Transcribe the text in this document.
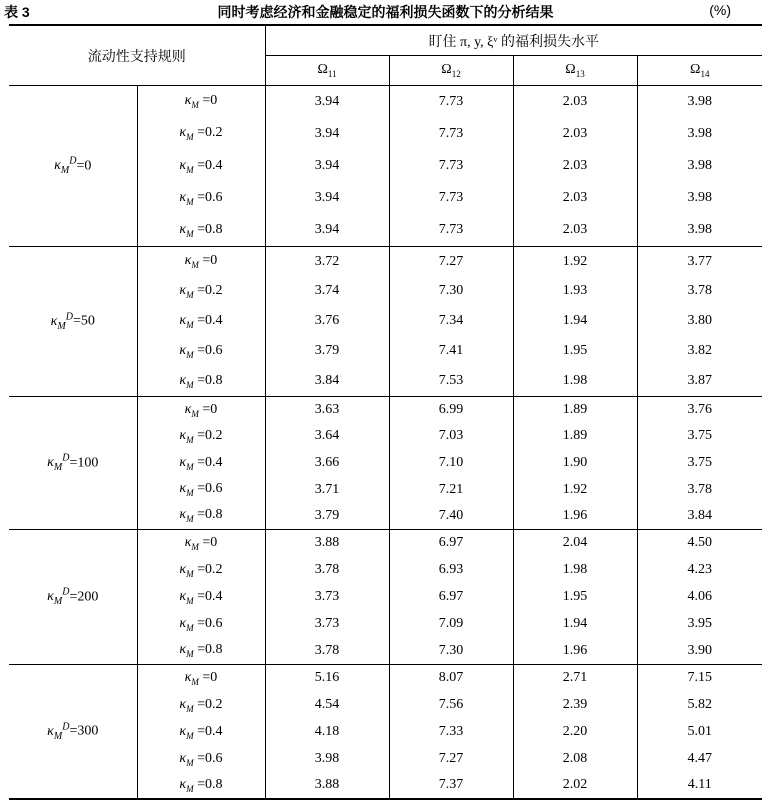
表 3	同时考虑经济和金融稳定的福利损失函数下的分析结果	(%)
流动性支持规则		盯住 π, y, ξᵛ 的福利损失水平			
		$\Omega_{11}$	$\Omega_{12}$	$\Omega_{13}$	$\Omega_{14}$
$\kappa_M^D=0$	$\kappa_M =0$	3.94	7.73	2.03	3.98
	$\kappa_M =0.2$	3.94	7.73	2.03	3.98
	$\kappa_M =0.4$	3.94	7.73	2.03	3.98
	$\kappa_M =0.6$	3.94	7.73	2.03	3.98
	$\kappa_M =0.8$	3.94	7.73	2.03	3.98
$\kappa_M^D=50$	$\kappa_M =0$	3.72	7.27	1.92	3.77
	$\kappa_M =0.2$	3.74	7.30	1.93	3.78
	$\kappa_M =0.4$	3.76	7.34	1.94	3.80
	$\kappa_M =0.6$	3.79	7.41	1.95	3.82
	$\kappa_M =0.8$	3.84	7.53	1.98	3.87
$\kappa_M^D=100$	$\kappa_M =0$	3.63	6.99	1.89	3.76
	$\kappa_M =0.2$	3.64	7.03	1.89	3.75
	$\kappa_M =0.4$	3.66	7.10	1.90	3.75
	$\kappa_M =0.6$	3.71	7.21	1.92	3.78
	$\kappa_M =0.8$	3.79	7.40	1.96	3.84
$\kappa_M^D=200$	$\kappa_M =0$	3.88	6.97	2.04	4.50
	$\kappa_M =0.2$	3.78	6.93	1.98	4.23
	$\kappa_M =0.4$	3.73	6.97	1.95	4.06
	$\kappa_M =0.6$	3.73	7.09	1.94	3.95
	$\kappa_M =0.8$	3.78	7.30	1.96	3.90
$\kappa_M^D=300$	$\kappa_M =0$	5.16	8.07	2.71	7.15
	$\kappa_M =0.2$	4.54	7.56	2.39	5.82
	$\kappa_M =0.4$	4.18	7.33	2.20	5.01
	$\kappa_M =0.6$	3.98	7.27	2.08	4.47
	$\kappa_M =0.8$	3.88	7.37	2.02	4.11
